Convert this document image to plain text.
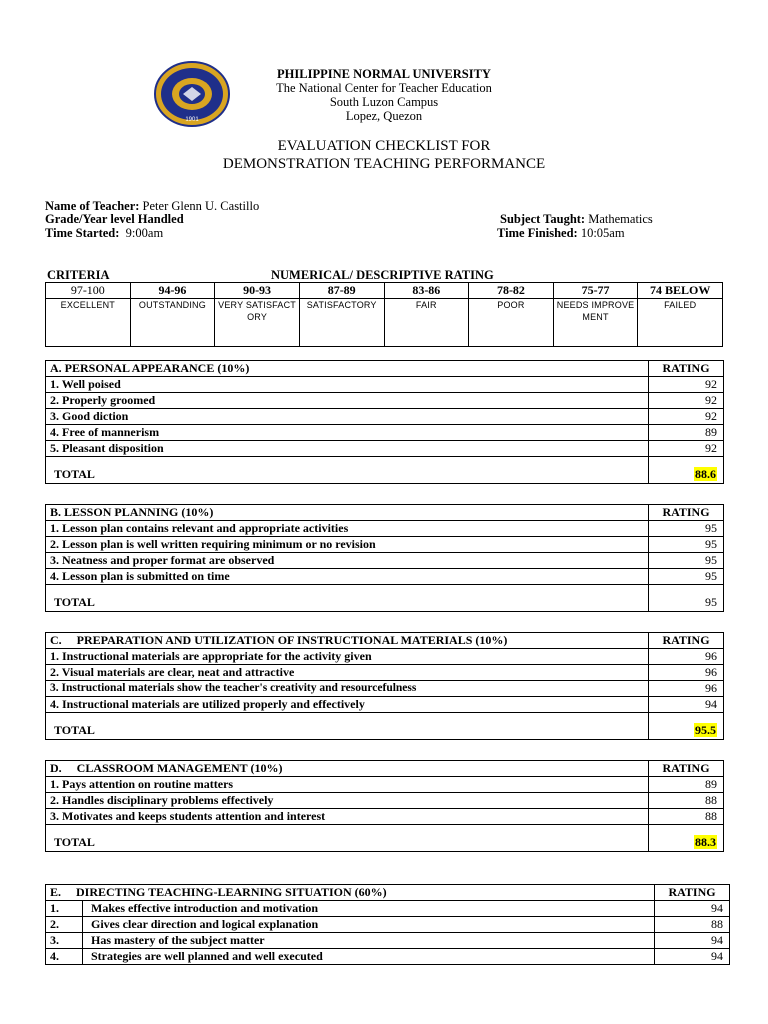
1901
PHILIPPINE NORMAL UNIVERSITY
The National Center for Teacher Education
South Luzon Campus
Lopez, Quezon
EVALUATION CHECKLIST FOR
DEMONSTRATION TEACHING PERFORMANCE
Name of Teacher: Peter Glenn U. Castillo
Grade/Year level Handled	Subject Taught: Mathematics
Time Started: 9:00am	Time Finished: 10:05am
CRITERIA	NUMERICAL/ DESCRIPTIVE RATING
97-100	94-96	90-93	87-89	83-86	78-82	75-77	74 BELOW
EXCELLENT	OUTSTANDING	VERY SATISFACTORY	SATISFACTORY	FAIR	POOR	NEEDS IMPROVEMENT	FAILED
A. PERSONAL APPEARANCE (10%)	RATING
1. Well poised	92
2. Properly groomed	92
3. Good diction	92
4. Free of mannerism	89
5. Pleasant disposition	92
TOTAL	88.6
B. LESSON PLANNING (10%)	RATING
1. Lesson plan contains relevant and appropriate activities	95
2. Lesson plan is well written requiring minimum or no revision	95
3. Neatness and proper format are observed	95
4. Lesson plan is submitted on time	95
TOTAL	95
C.     PREPARATION AND UTILIZATION OF INSTRUCTIONAL MATERIALS (10%)	RATING
1. Instructional materials are appropriate for the activity given	96
2. Visual materials are clear, neat and attractive	96
3. Instructional materials show the teacher's creativity and resourcefulness	96
4. Instructional materials are utilized properly and effectively	94
TOTAL	95.5
D.     CLASSROOM MANAGEMENT (10%)	RATING
1. Pays attention on routine matters	89
2. Handles disciplinary problems effectively	88
3. Motivates and keeps students attention and interest	88
TOTAL	88.3
E.     DIRECTING TEACHING-LEARNING SITUATION (60%)		RATING
1.	Makes effective introduction and motivation	94
2.	Gives clear direction and logical explanation	88
3.	Has mastery of the subject matter	94
4.	Strategies are well planned and well executed	94
